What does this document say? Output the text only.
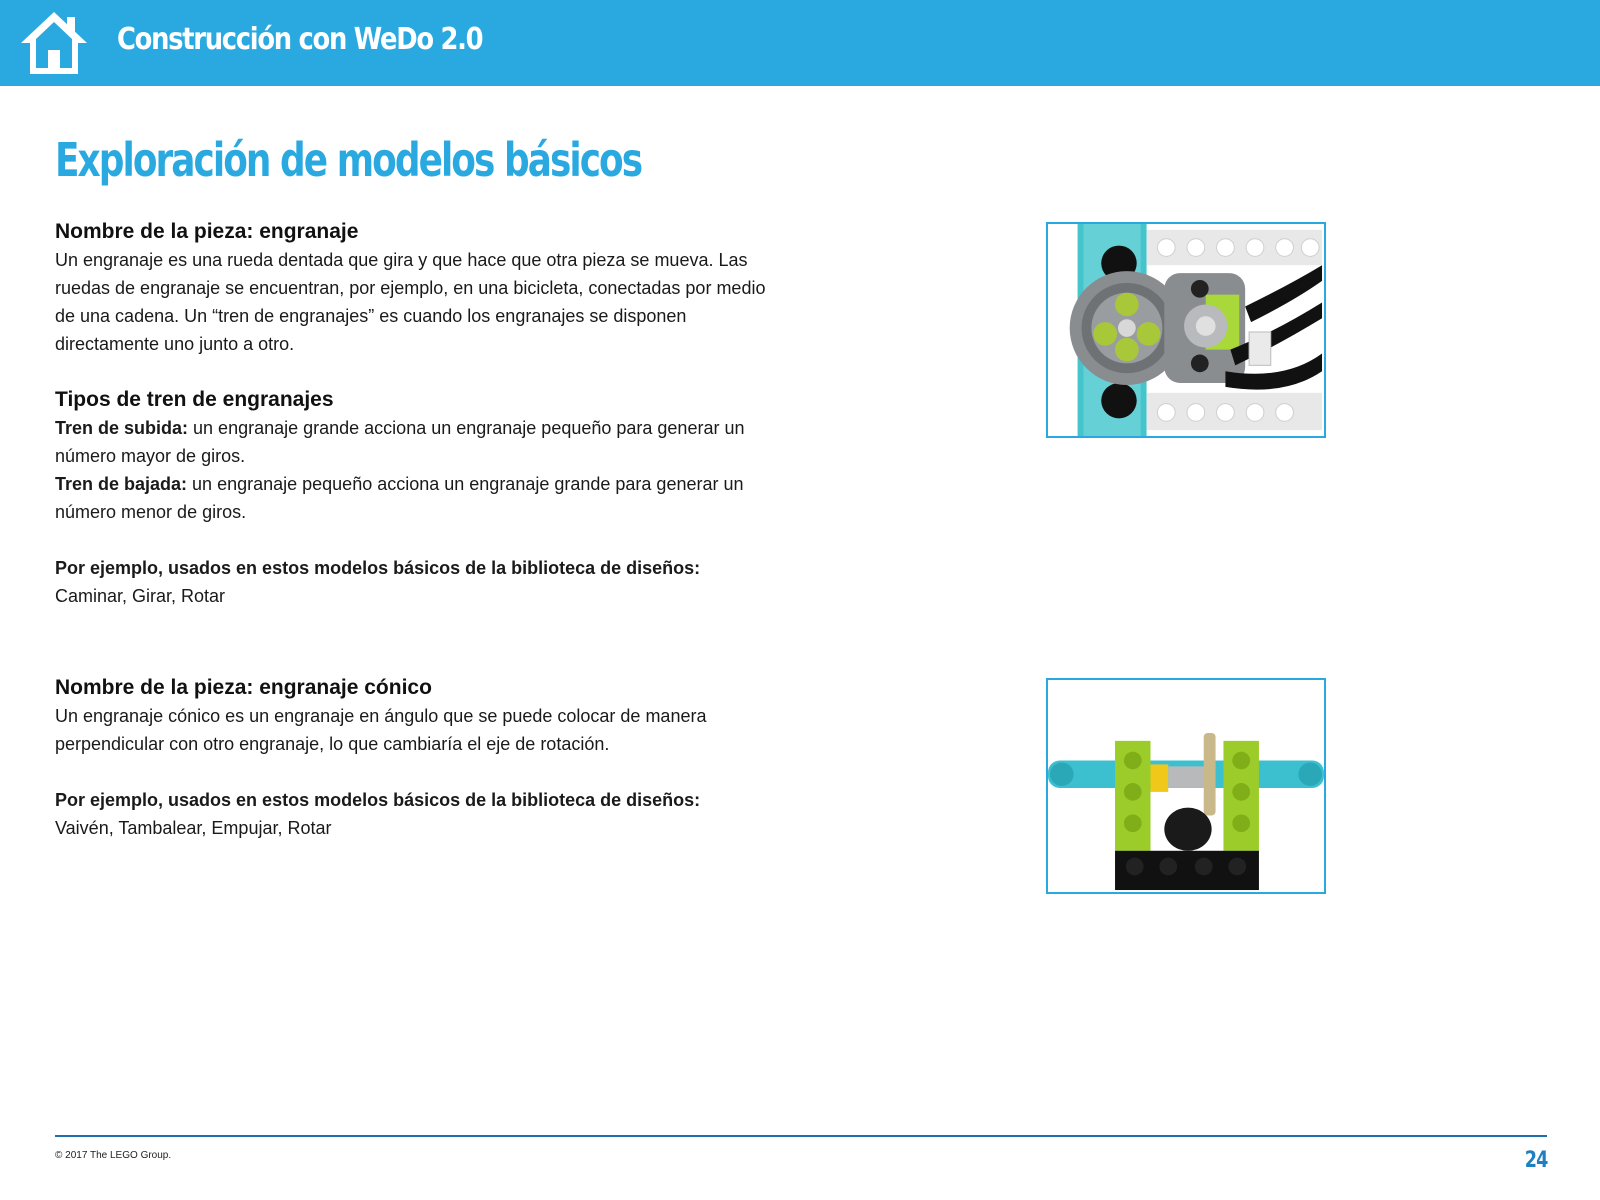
Construcción con WeDo 2.0
Exploración de modelos básicos
Nombre de la pieza: engranaje

Un engranaje es una rueda dentada que gira y que hace que otra pieza se mueva. Las ruedas de engranaje se encuentran, por ejemplo, en una bicicleta, conectadas por medio de una cadena. Un “tren de engranajes” es cuando los engranajes se disponen directamente uno junto a otro.

Tipos de tren de engranajes

Tren de subida: un engranaje grande acciona un engranaje pequeño para generar un número mayor de giros.

Tren de bajada: un engranaje pequeño acciona un engranaje grande para generar un número menor de giros.

Por ejemplo, usados en estos modelos básicos de la biblioteca de diseños:

Caminar, Girar, Rotar

Nombre de la pieza: engranaje cónico

Un engranaje cónico es un engranaje en ángulo que se puede colocar de manera perpendicular con otro engranaje, lo que cambiaría el eje de rotación.

Por ejemplo, usados en estos modelos básicos de la biblioteca de diseños:

Vaivén, Tambalear, Empujar, Rotar

© 2017 The LEGO Group.	24
